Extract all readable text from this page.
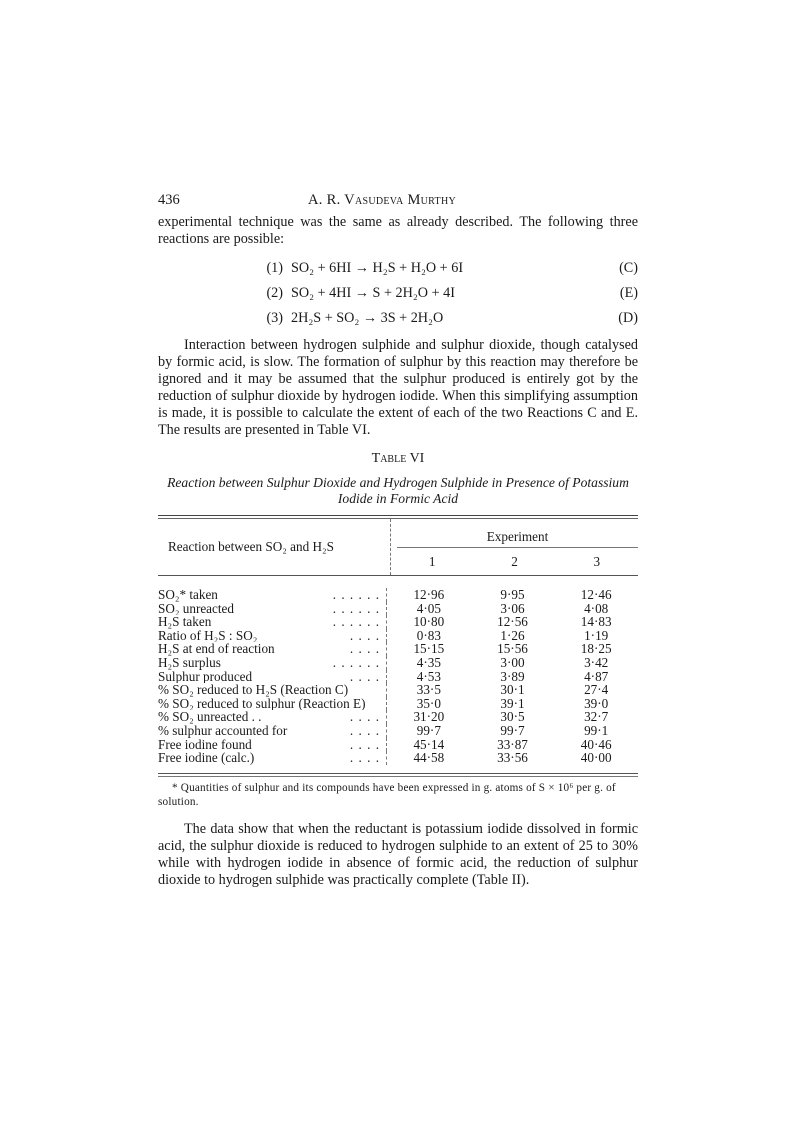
436	A. R. Vasudeva Murthy

experimental technique was the same as already described. The following three reactions are possible:

(1) SO₂ + 6HI → H₂S + H₂O + 6I	(C)
(2) SO₂ + 4HI → S + 2H₂O + 4I	(E)
(3) 2H₂S + SO₂ → 3S + 2H₂O	(D)

Interaction between hydrogen sulphide and sulphur dioxide, though catalysed by formic acid, is slow. The formation of sulphur by this reaction may therefore be ignored and it may be assumed that the sulphur produced is entirely got by the reduction of sulphur dioxide by hydrogen iodide. When this simplifying assumption is made, it is possible to calculate the extent of each of the two Reactions C and E. The results are presented in Table VI.

Table VI
Reaction between Sulphur Dioxide and Hydrogen Sulphide in Presence of Potassium Iodide in Formic Acid
Reaction between SO₂ and H₂S
Experiment
1	2	3
SO₂* taken	. . . . . .	12·96	9·95	12·46
SO₂ unreacted	. . . . . .	4·05	3·06	4·08
H₂S taken	. . . . . .	10·80	12·56	14·83
Ratio of H₂S : SO₂	. . . .	0·83	1·26	1·19
H₂S at end of reaction	. . . .	15·15	15·56	18·25
H₂S surplus	. . . . . .	4·35	3·00	3·42
Sulphur produced	. . . .	4·53	3·89	4·87
% SO₂ reduced to H₂S (Reaction C)	33·5	30·1	27·4
% SO₂ reduced to sulphur (Reaction E)	35·0	39·1	39·0
% SO₂ unreacted . .	. . . .	31·20	30·5	32·7
% sulphur accounted for	. . . .	99·7	99·7	99·1
Free iodine found	. . . .	45·14	33·87	40·46
Free iodine (calc.)	. . . .	44·58	33·56	40·00

* Quantities of sulphur and its compounds have been expressed in g. atoms of S × 10⁶ per g. of solution.

The data show that when the reductant is potassium iodide dissolved in formic acid, the sulphur dioxide is reduced to hydrogen sulphide to an extent of 25 to 30% while with hydrogen iodide in absence of formic acid, the reduction of sulphur dioxide to hydrogen sulphide was practically complete (Table II).
